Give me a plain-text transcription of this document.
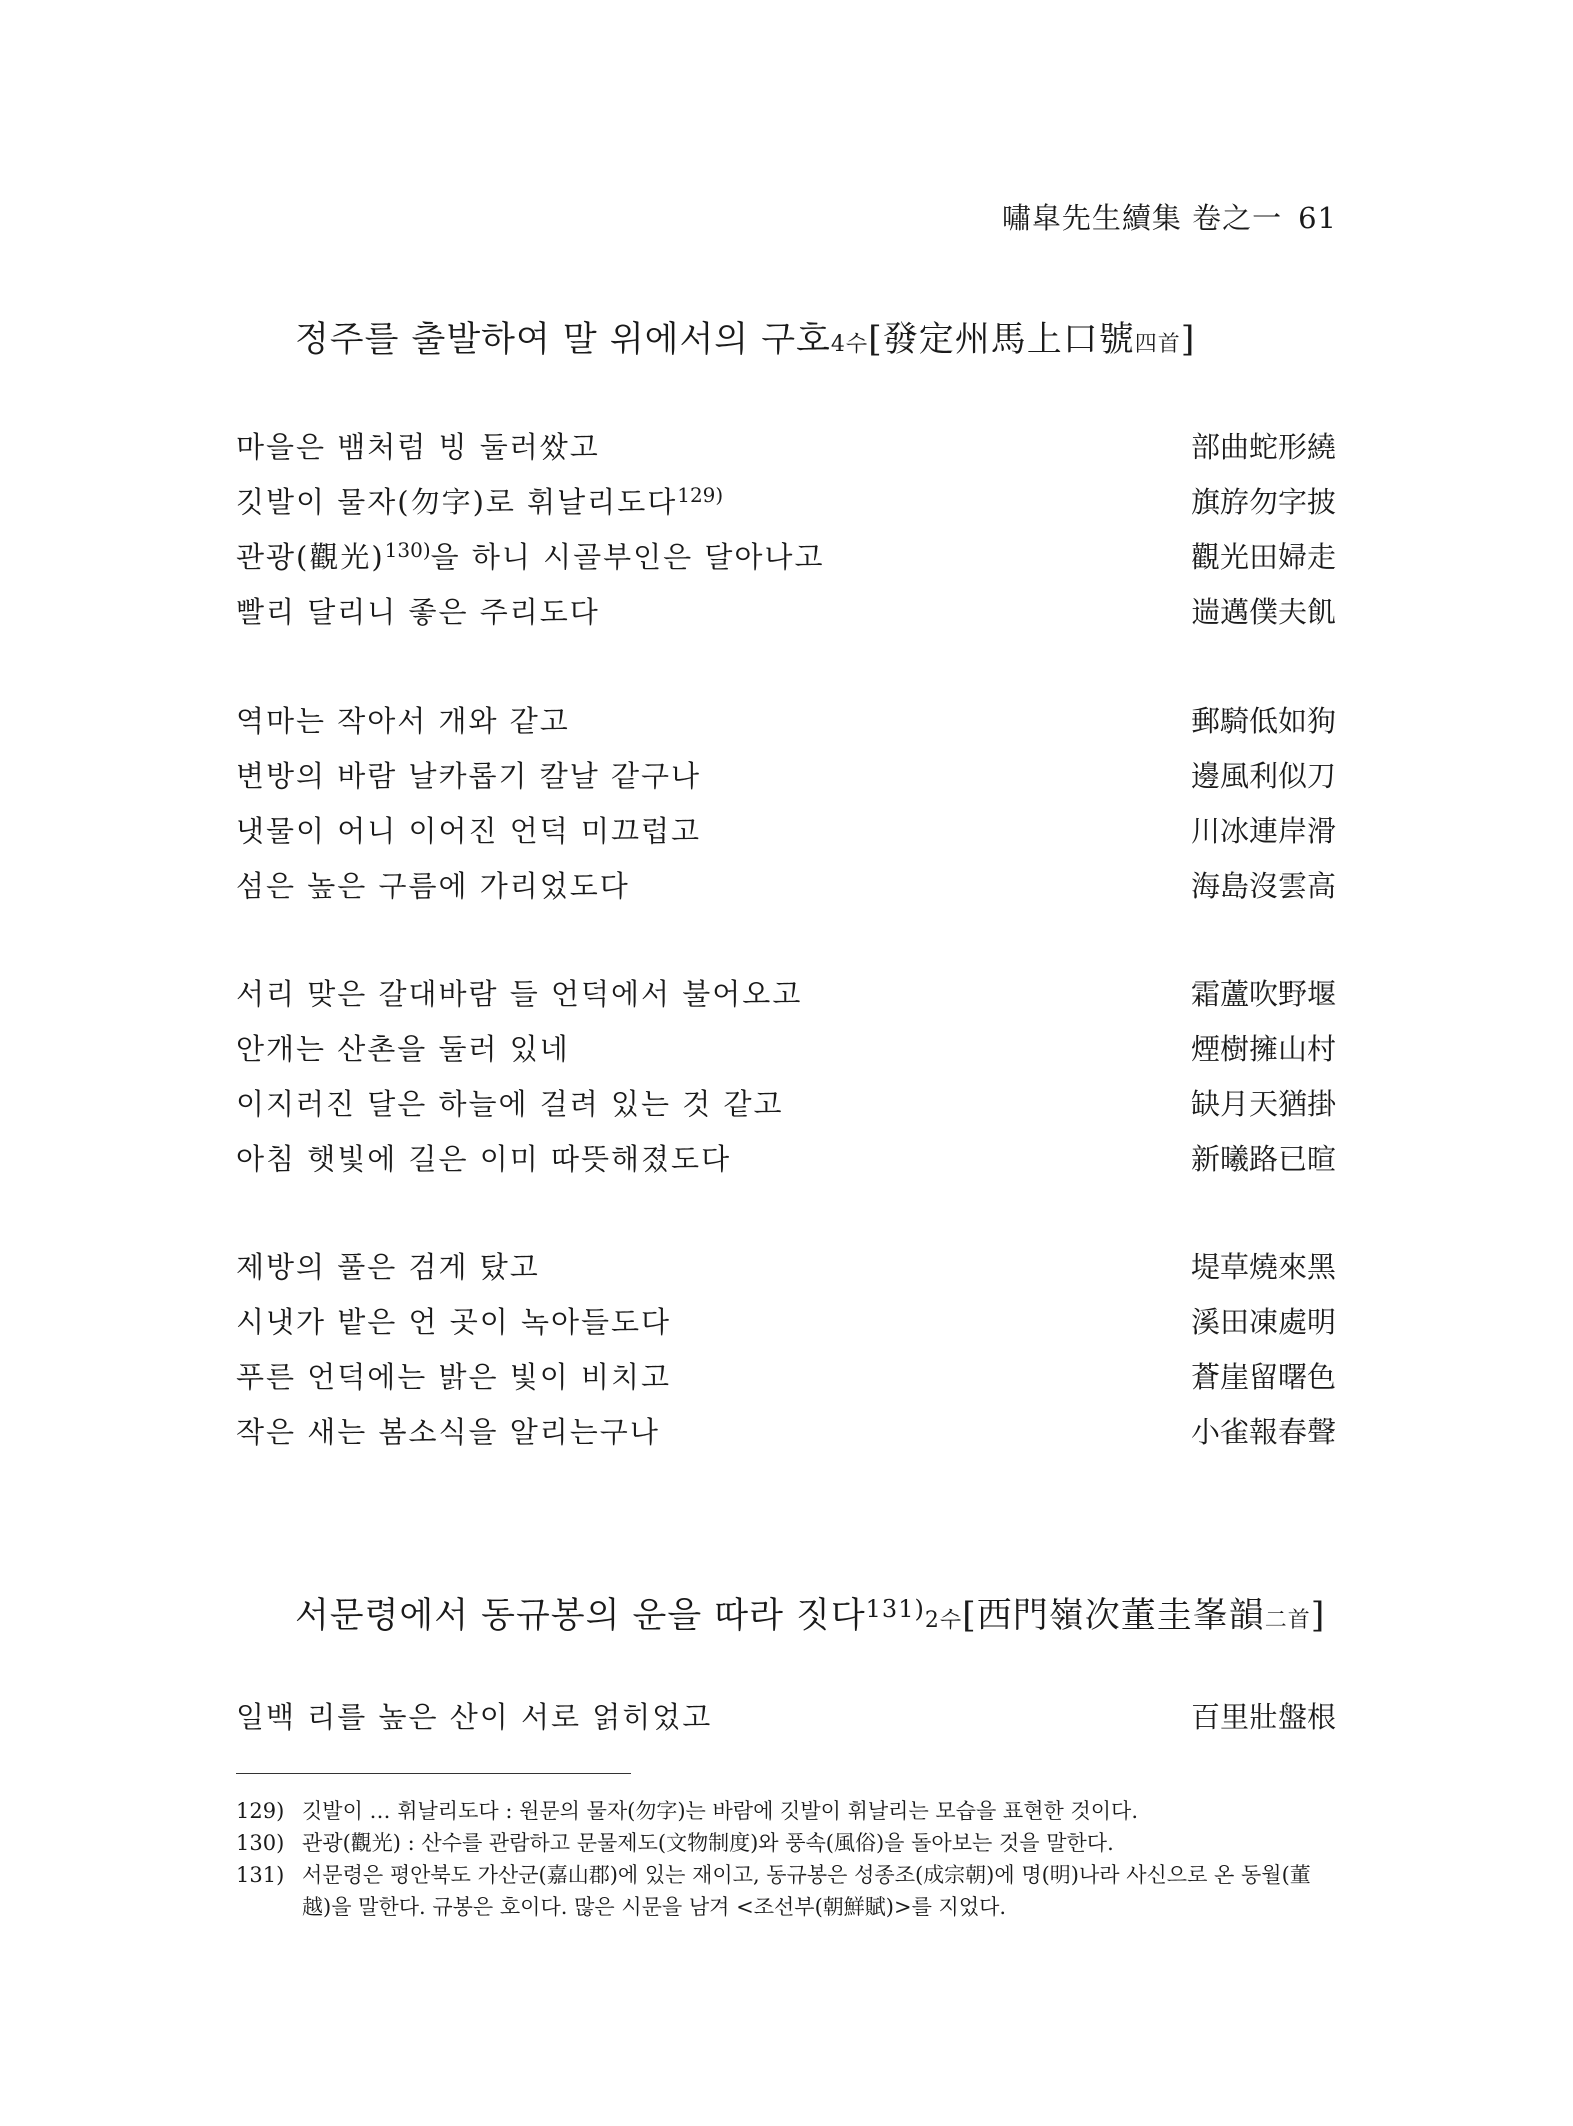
嘯皐先生續集 卷之一 61
정주를 출발하여 말 위에서의 구호4수[發定州馬上口號四首]
마을은 뱀처럼 빙 둘러쌌고	部曲蛇形繞
깃발이 물자(勿字)로 휘날리도다$^{129)}$	旗斿勿字披
관광(觀光)$^{130)}$을 하니 시골부인은 달아나고	觀光田婦走
빨리 달리니 좋은 주리도다	遄邁僕夫飢
역마는 작아서 개와 같고	郵騎低如狗
변방의 바람 날카롭기 칼날 같구나	邊風利似刀
냇물이 어니 이어진 언덕 미끄럽고	川冰連岸滑
섬은 높은 구름에 가리었도다	海島沒雲高
서리 맞은 갈대바람 들 언덕에서 불어오고	霜蘆吹野堰
안개는 산촌을 둘러 있네	煙樹擁山村
이지러진 달은 하늘에 걸려 있는 것 같고	缺月天猶掛
아침 햇빛에 길은 이미 따뜻해졌도다	新曦路已暄
제방의 풀은 검게 탔고	堤草燒來黑
시냇가 밭은 언 곳이 녹아들도다	溪田凍處明
푸른 언덕에는 밝은 빛이 비치고	蒼崖留曙色
작은 새는 봄소식을 알리는구나	小雀報春聲
서문령에서 동규봉의 운을 따라 짓다$^{131)}$2수[西門嶺次董圭峯韻二首]
일백 리를 높은 산이 서로 얽히었고	百里壯盤根
129) 깃발이 … 휘날리도다 : 원문의 물자(勿字)는 바람에 깃발이 휘날리는 모습을 표현한 것이다.
130) 관광(觀光) : 산수를 관람하고 문물제도(文物制度)와 풍속(風俗)을 돌아보는 것을 말한다.
131) 서문령은 평안북도 가산군(嘉山郡)에 있는 재이고, 동규봉은 성종조(成宗朝)에 명(明)나라 사신으로 온 동월(董越)을 말한다. 규봉은 호이다. 많은 시문을 남겨 <조선부(朝鮮賦)>를 지었다.
